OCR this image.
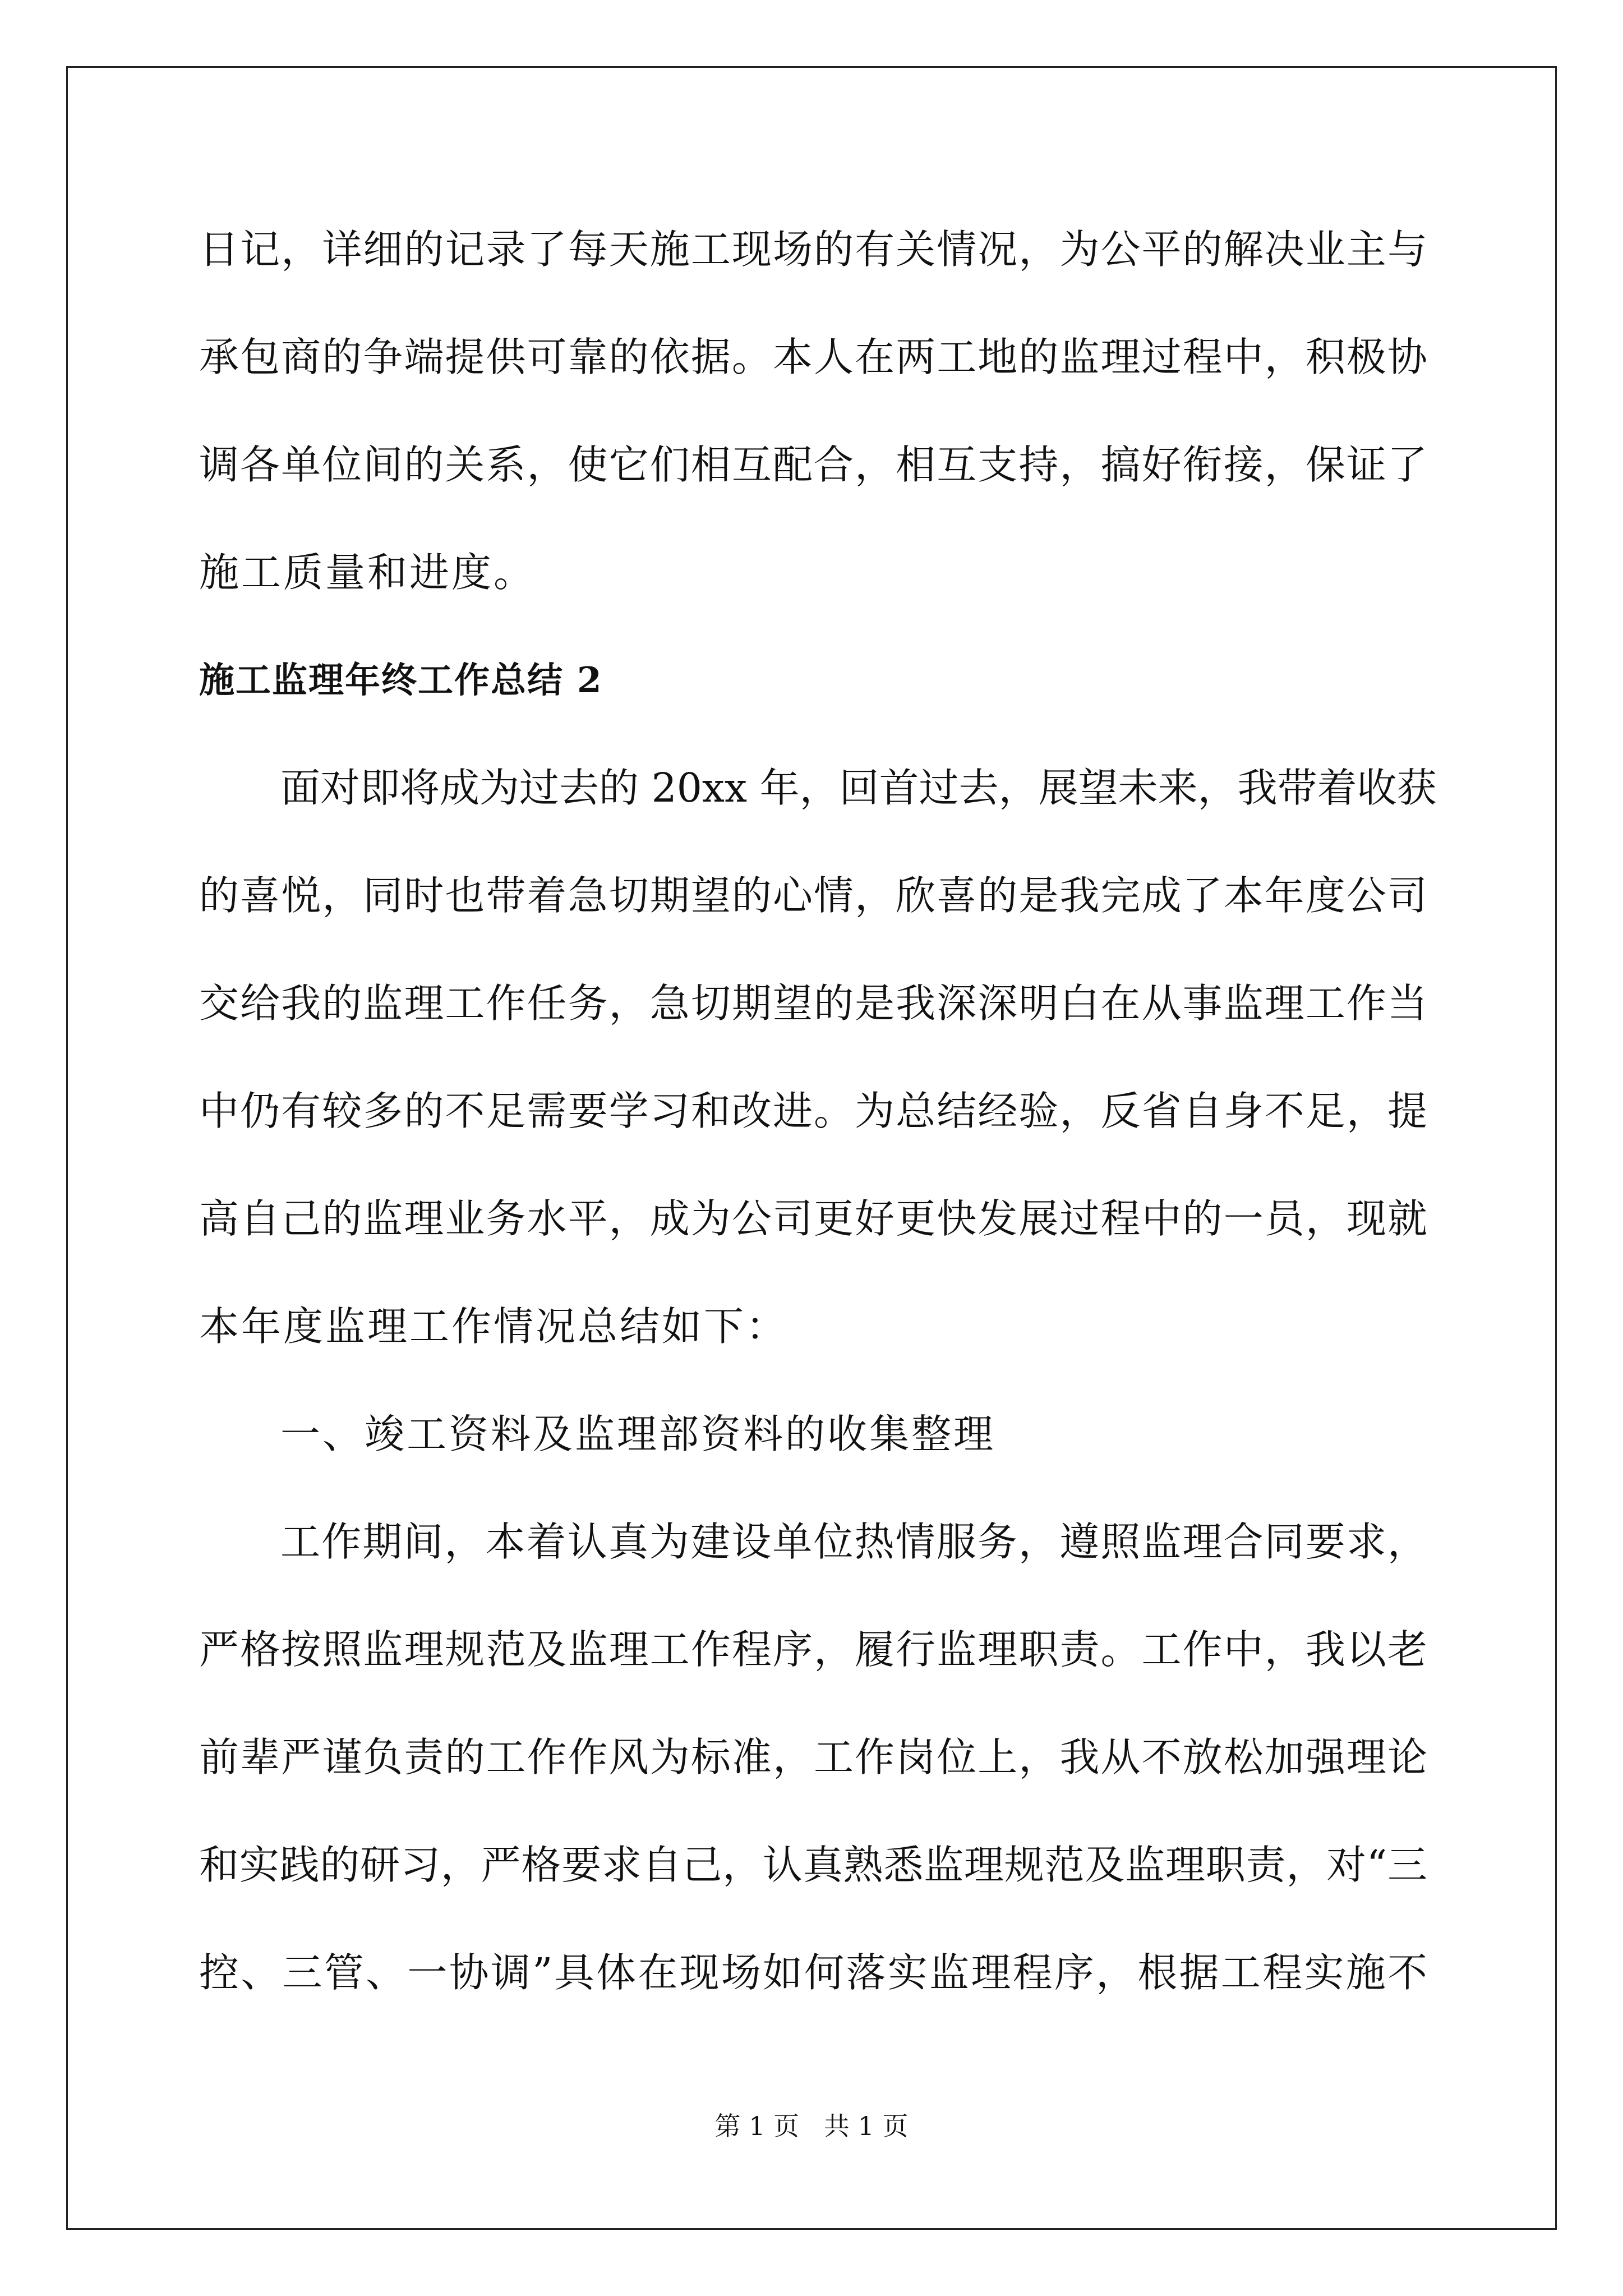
日记，详细的记录了每天施工现场的有关情况，为公平的解决业主与

承包商的争端提供可靠的依据。本人在两工地的监理过程中，积极协

调各单位间的关系，使它们相互配合，相互支持，搞好衔接，保证了

施工质量和进度。

施工监理年终工作总结 2

面对即将成为过去的 20xx 年，回首过去，展望未来，我带着收获

的喜悦，同时也带着急切期望的心情，欣喜的是我完成了本年度公司

交给我的监理工作任务，急切期望的是我深深明白在从事监理工作当

中仍有较多的不足需要学习和改进。为总结经验，反省自身不足，提

高自己的监理业务水平，成为公司更好更快发展过程中的一员，现就

本年度监理工作情况总结如下：

一、竣工资料及监理部资料的收集整理

工作期间，本着认真为建设单位热情服务，遵照监理合同要求，

严格按照监理规范及监理工作程序，履行监理职责。工作中，我以老

前辈严谨负责的工作作风为标准，工作岗位上，我从不放松加强理论

和实践的研习，严格要求自己，认真熟悉监理规范及监理职责，对“三

控、三管、一协调”具体在现场如何落实监理程序，根据工程实施不

第 1 页   共 1 页
